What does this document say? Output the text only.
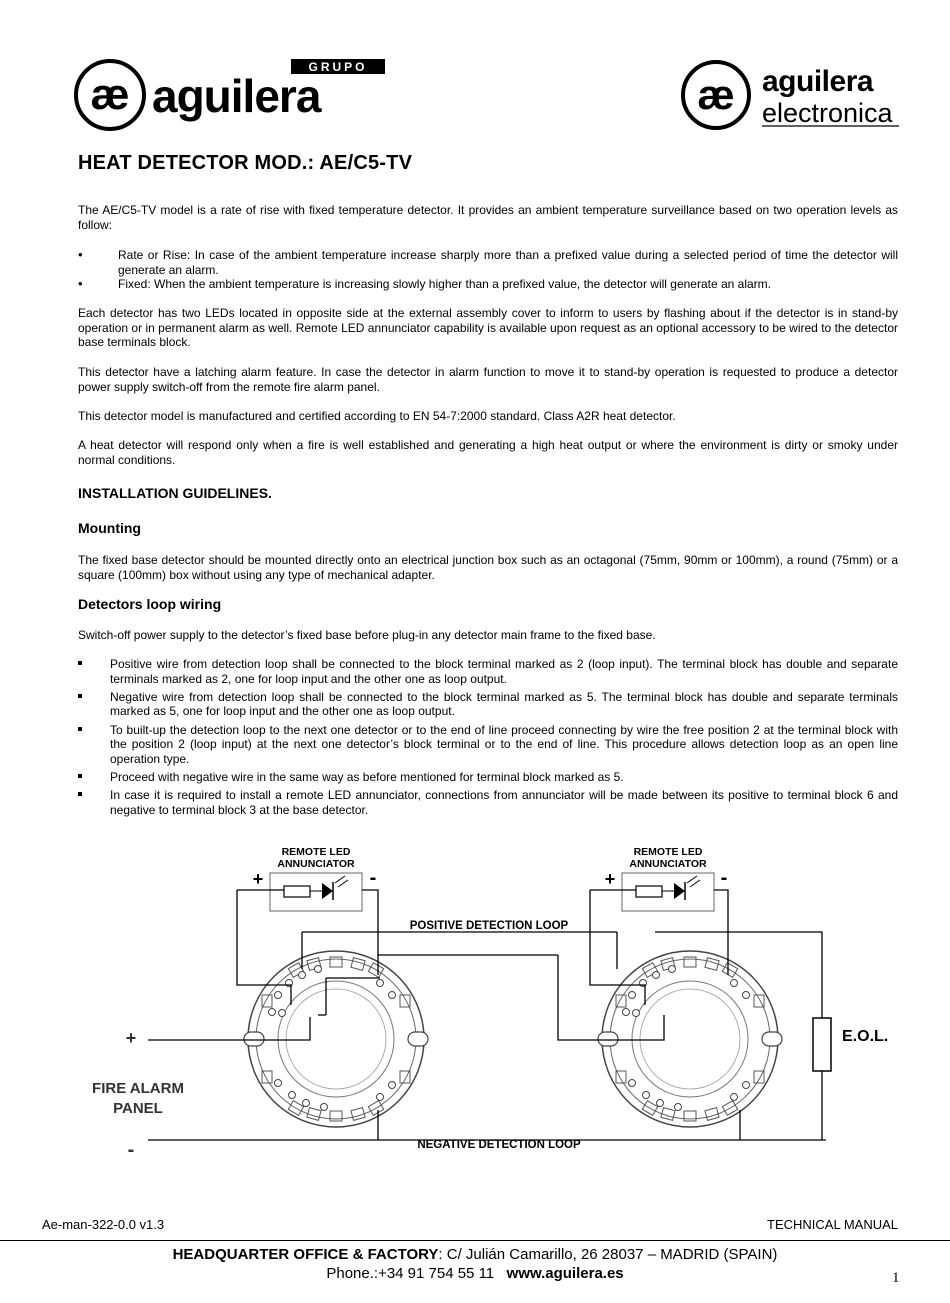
æ
GRUPO
aguilera	æ aguilera
electronica
HEAT DETECTOR MOD.: AE/C5-TV

The AE/C5-TV model is a rate of rise with fixed temperature detector. It provides an ambient temperature surveillance based on two operation levels as follow:

•	Rate or Rise: In case of the ambient temperature increase sharply more than a prefixed value during a selected period of time the detector will generate an alarm.
•	Fixed: When the ambient temperature is increasing slowly higher than a prefixed value, the detector will generate an alarm.

Each detector has two LEDs located in opposite side at the external assembly cover to inform to users by flashing about if the detector is in stand-by operation or in permanent alarm as well. Remote LED annunciator capability is available upon request as an optional accessory to be wired to the detector base terminals block.

This detector have a latching alarm feature. In case the detector in alarm function to move it to stand-by operation is requested to produce a detector power supply switch-off from the remote fire alarm panel.

This detector model is manufactured and certified according to EN 54-7:2000 standard. Class A2R heat detector.

A heat detector will respond only when a fire is well established and generating a high heat output or where the environment is dirty or smoky under normal conditions.

INSTALLATION GUIDELINES.
Mounting

The fixed base detector should be mounted directly onto an electrical junction box such as an octagonal (75mm, 90mm or 100mm), a round (75mm) or a square (100mm) box without using any type of mechanical adapter.

Detectors loop wiring

Switch-off power supply to the detector’s fixed base before plug-in any detector main frame to the fixed base.

Positive wire from detection loop shall be connected to the block terminal marked as 2 (loop input). The terminal block has double and separate terminals marked as 2, one for loop input and the other one as loop output.
Negative wire from detection loop shall be connected to the block terminal marked as 5. The terminal block has double and separate terminals marked as 5, one for loop input and the other one as loop output.
To built-up the detection loop to the next one detector or to the end of line proceed connecting by wire the free position 2 at the terminal block with the position 2 (loop input) at the next one detector’s block terminal or to the end of line. This procedure allows detection loop as an open line operation type.
Proceed with negative wire in the same way as before mentioned for terminal block marked as 5.
In case it is required to install a remote LED annunciator, connections from annunciator will be made between its positive to terminal block 6 and negative to terminal block 3 at the base detector.
REMOTE LED
ANNUNCIATOR
+	-
REMOTE LED
ANNUNCIATOR
+	-
E.O.L.
POSITIVE DETECTION LOOP
NEGATIVE DETECTION LOOP
+
-
FIRE ALARM
PANEL
Ae-man-322-0.0 v1.3	TECHNICAL MANUAL
HEADQUARTER OFFICE & FACTORY: C/ Julián Camarillo, 26 28037 – MADRID (SPAIN)
Phone.:+34 91 754 55 11 www.aguilera.es	1
